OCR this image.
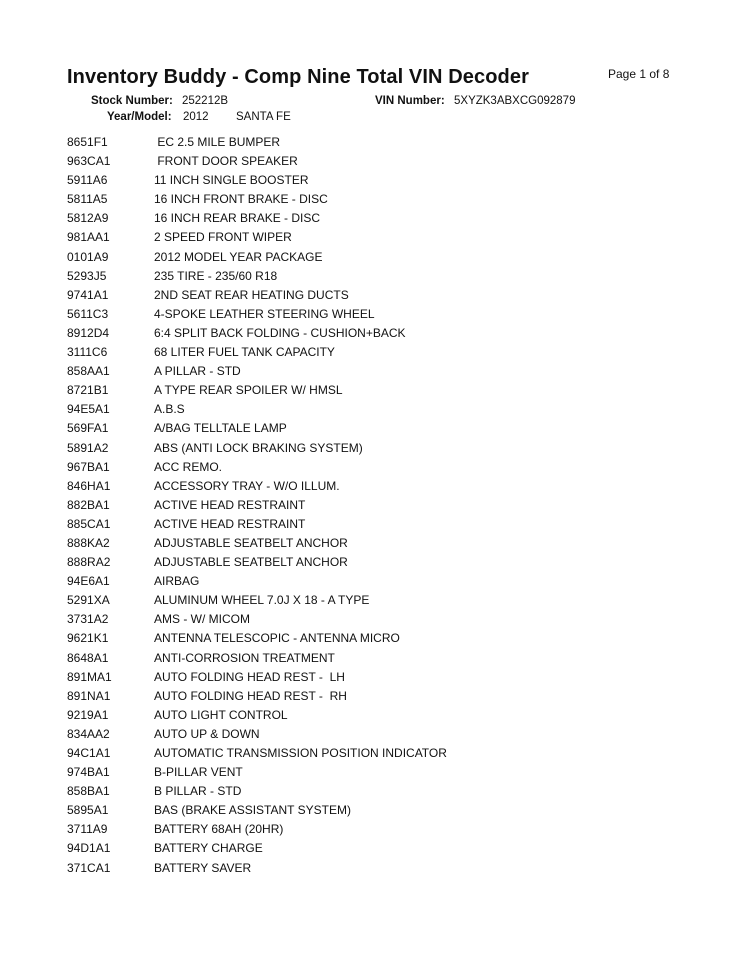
Inventory Buddy - Comp Nine Total VIN Decoder	Page 1 of 8
Stock Number: 252212B	VIN Number: 5XYZK3ABXCG092879
Year/Model: 2012 SANTA FE
8651F1	EC 2.5 MILE BUMPER
963CA1	FRONT DOOR SPEAKER
5911A6	11 INCH SINGLE BOOSTER
5811A5	16 INCH FRONT BRAKE - DISC
5812A9	16 INCH REAR BRAKE - DISC
981AA1	2 SPEED FRONT WIPER
0101A9	2012 MODEL YEAR PACKAGE
5293J5	235 TIRE - 235/60 R18
9741A1	2ND SEAT REAR HEATING DUCTS
5611C3	4-SPOKE LEATHER STEERING WHEEL
8912D4	6:4 SPLIT BACK FOLDING - CUSHION+BACK
3111C6	68 LITER FUEL TANK CAPACITY
858AA1	A PILLAR - STD
8721B1	A TYPE REAR SPOILER W/ HMSL
94E5A1	A.B.S
569FA1	A/BAG TELLTALE LAMP
5891A2	ABS (ANTI LOCK BRAKING SYSTEM)
967BA1	ACC REMO.
846HA1	ACCESSORY TRAY - W/O ILLUM.
882BA1	ACTIVE HEAD RESTRAINT
885CA1	ACTIVE HEAD RESTRAINT
888KA2	ADJUSTABLE SEATBELT ANCHOR
888RA2	ADJUSTABLE SEATBELT ANCHOR
94E6A1	AIRBAG
5291XA	ALUMINUM WHEEL 7.0J X 18 - A TYPE
3731A2	AMS - W/ MICOM
9621K1	ANTENNA TELESCOPIC - ANTENNA MICRO
8648A1	ANTI-CORROSION TREATMENT
891MA1	AUTO FOLDING HEAD REST -  LH
891NA1	AUTO FOLDING HEAD REST -  RH
9219A1	AUTO LIGHT CONTROL
834AA2	AUTO UP & DOWN
94C1A1	AUTOMATIC TRANSMISSION POSITION INDICATOR
974BA1	B-PILLAR VENT
858BA1	B PILLAR - STD
5895A1	BAS (BRAKE ASSISTANT SYSTEM)
3711A9	BATTERY 68AH (20HR)
94D1A1	BATTERY CHARGE
371CA1	BATTERY SAVER
